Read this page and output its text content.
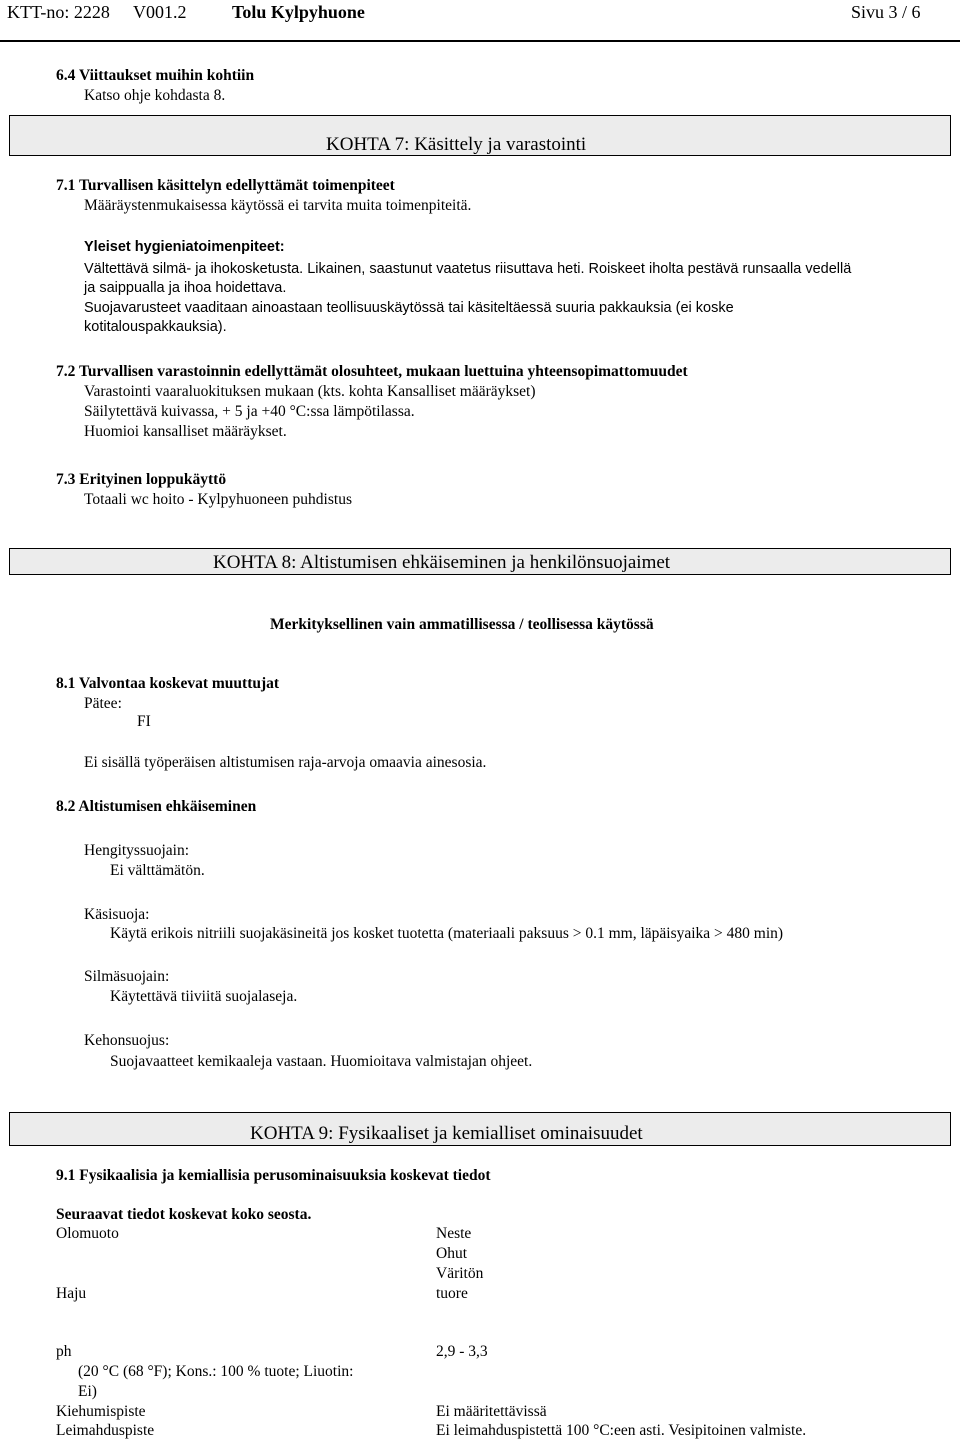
KTT-no: 2228 V001.2	Tolu Kylpyhuone	Sivu 3 / 6
6.4 Viittaukset muihin kohtiin
Katso ohje kohdasta 8.
KOHTA 7: Käsittely ja varastointi
7.1 Turvallisen käsittelyn edellyttämät toimenpiteet
Määräystenmukaisessa käytössä ei tarvita muita toimenpiteitä.
Yleiset hygieniatoimenpiteet:
Vältettävä silmä- ja ihokosketusta. Likainen, saastunut vaatetus riisuttava heti. Roiskeet iholta pestävä runsaalla vedellä
ja saippualla ja ihoa hoidettava.
Suojavarusteet vaaditaan ainoastaan teollisuuskäytössä tai käsiteltäessä suuria pakkauksia (ei koske
kotitalouspakkauksia).
7.2 Turvallisen varastoinnin edellyttämät olosuhteet, mukaan luettuina yhteensopimattomuudet
Varastointi vaaraluokituksen mukaan (kts. kohta Kansalliset määräykset)
Säilytettävä kuivassa, + 5 ja +40 °C:ssa lämpötilassa.
Huomioi kansalliset määräykset.
7.3 Erityinen loppukäyttö
Totaali wc hoito - Kylpyhuoneen puhdistus
KOHTA 8: Altistumisen ehkäiseminen ja henkilönsuojaimet
Merkityksellinen vain ammatillisessa / teollisessa käytössä
8.1 Valvontaa koskevat muuttujat
Pätee:
FI
Ei sisällä työperäisen altistumisen raja-arvoja omaavia ainesosia.
8.2 Altistumisen ehkäiseminen
Hengityssuojain:
Ei välttämätön.
Käsisuoja:
Käytä erikois nitriili suojakäsineitä jos kosket tuotetta (materiaali paksuus > 0.1 mm, läpäisyaika > 480 min)
Silmäsuojain:
Käytettävä tiiviitä suojalaseja.
Kehonsuojus:
Suojavaatteet kemikaaleja vastaan. Huomioitava valmistajan ohjeet.
KOHTA 9: Fysikaaliset ja kemialliset ominaisuudet
9.1 Fysikaalisia ja kemiallisia perusominaisuuksia koskevat tiedot
Seuraavat tiedot koskevat koko seosta.
Olomuoto	Neste
Ohut
Väritön
Haju	tuore
ph	2,9 - 3,3
(20 °C (68 °F); Kons.: 100 % tuote; Liuotin:
Ei)
Kiehumispiste	Ei määritettävissä
Leimahduspiste	Ei leimahduspistettä 100 °C:een asti. Vesipitoinen valmiste.
